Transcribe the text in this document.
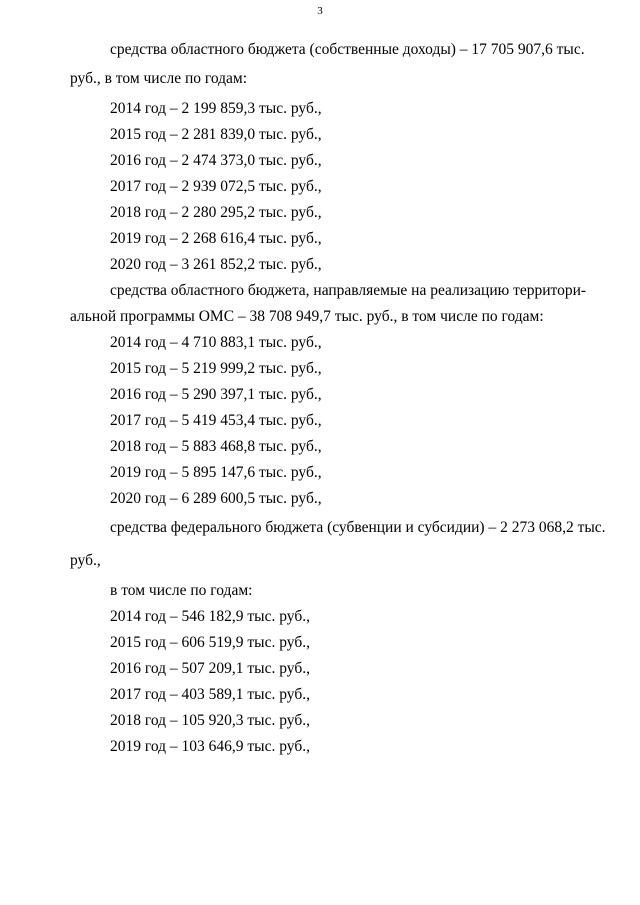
3
средства областного бюджета (собственные доходы) – 17 705 907,6 тыс.
руб., в том числе по годам:
2014 год – 2 199 859,3 тыс. руб.,
2015 год – 2 281 839,0 тыс. руб.,
2016 год – 2 474 373,0 тыс. руб.,
2017 год – 2 939 072,5 тыс. руб.,
2018 год – 2 280 295,2 тыс. руб.,
2019 год – 2 268 616,4 тыс. руб.,
2020 год – 3 261 852,2 тыс. руб.,
средства областного бюджета, направляемые на реализацию территори-
альной программы ОМС – 38 708 949,7 тыс. руб., в том числе по годам:
2014 год – 4 710 883,1 тыс. руб.,
2015 год – 5 219 999,2 тыс. руб.,
2016 год – 5 290 397,1 тыс. руб.,
2017 год – 5 419 453,4 тыс. руб.,
2018 год – 5 883 468,8 тыс. руб.,
2019 год – 5 895 147,6 тыс. руб.,
2020 год – 6 289 600,5 тыс. руб.,
средства федерального бюджета (субвенции и субсидии) – 2 273 068,2 тыс.
руб.,
в том числе по годам:
2014 год – 546 182,9 тыс. руб.,
2015 год – 606 519,9 тыс. руб.,
2016 год – 507 209,1 тыс. руб.,
2017 год – 403 589,1 тыс. руб.,
2018 год – 105 920,3 тыс. руб.,
2019 год – 103 646,9 тыс. руб.,
